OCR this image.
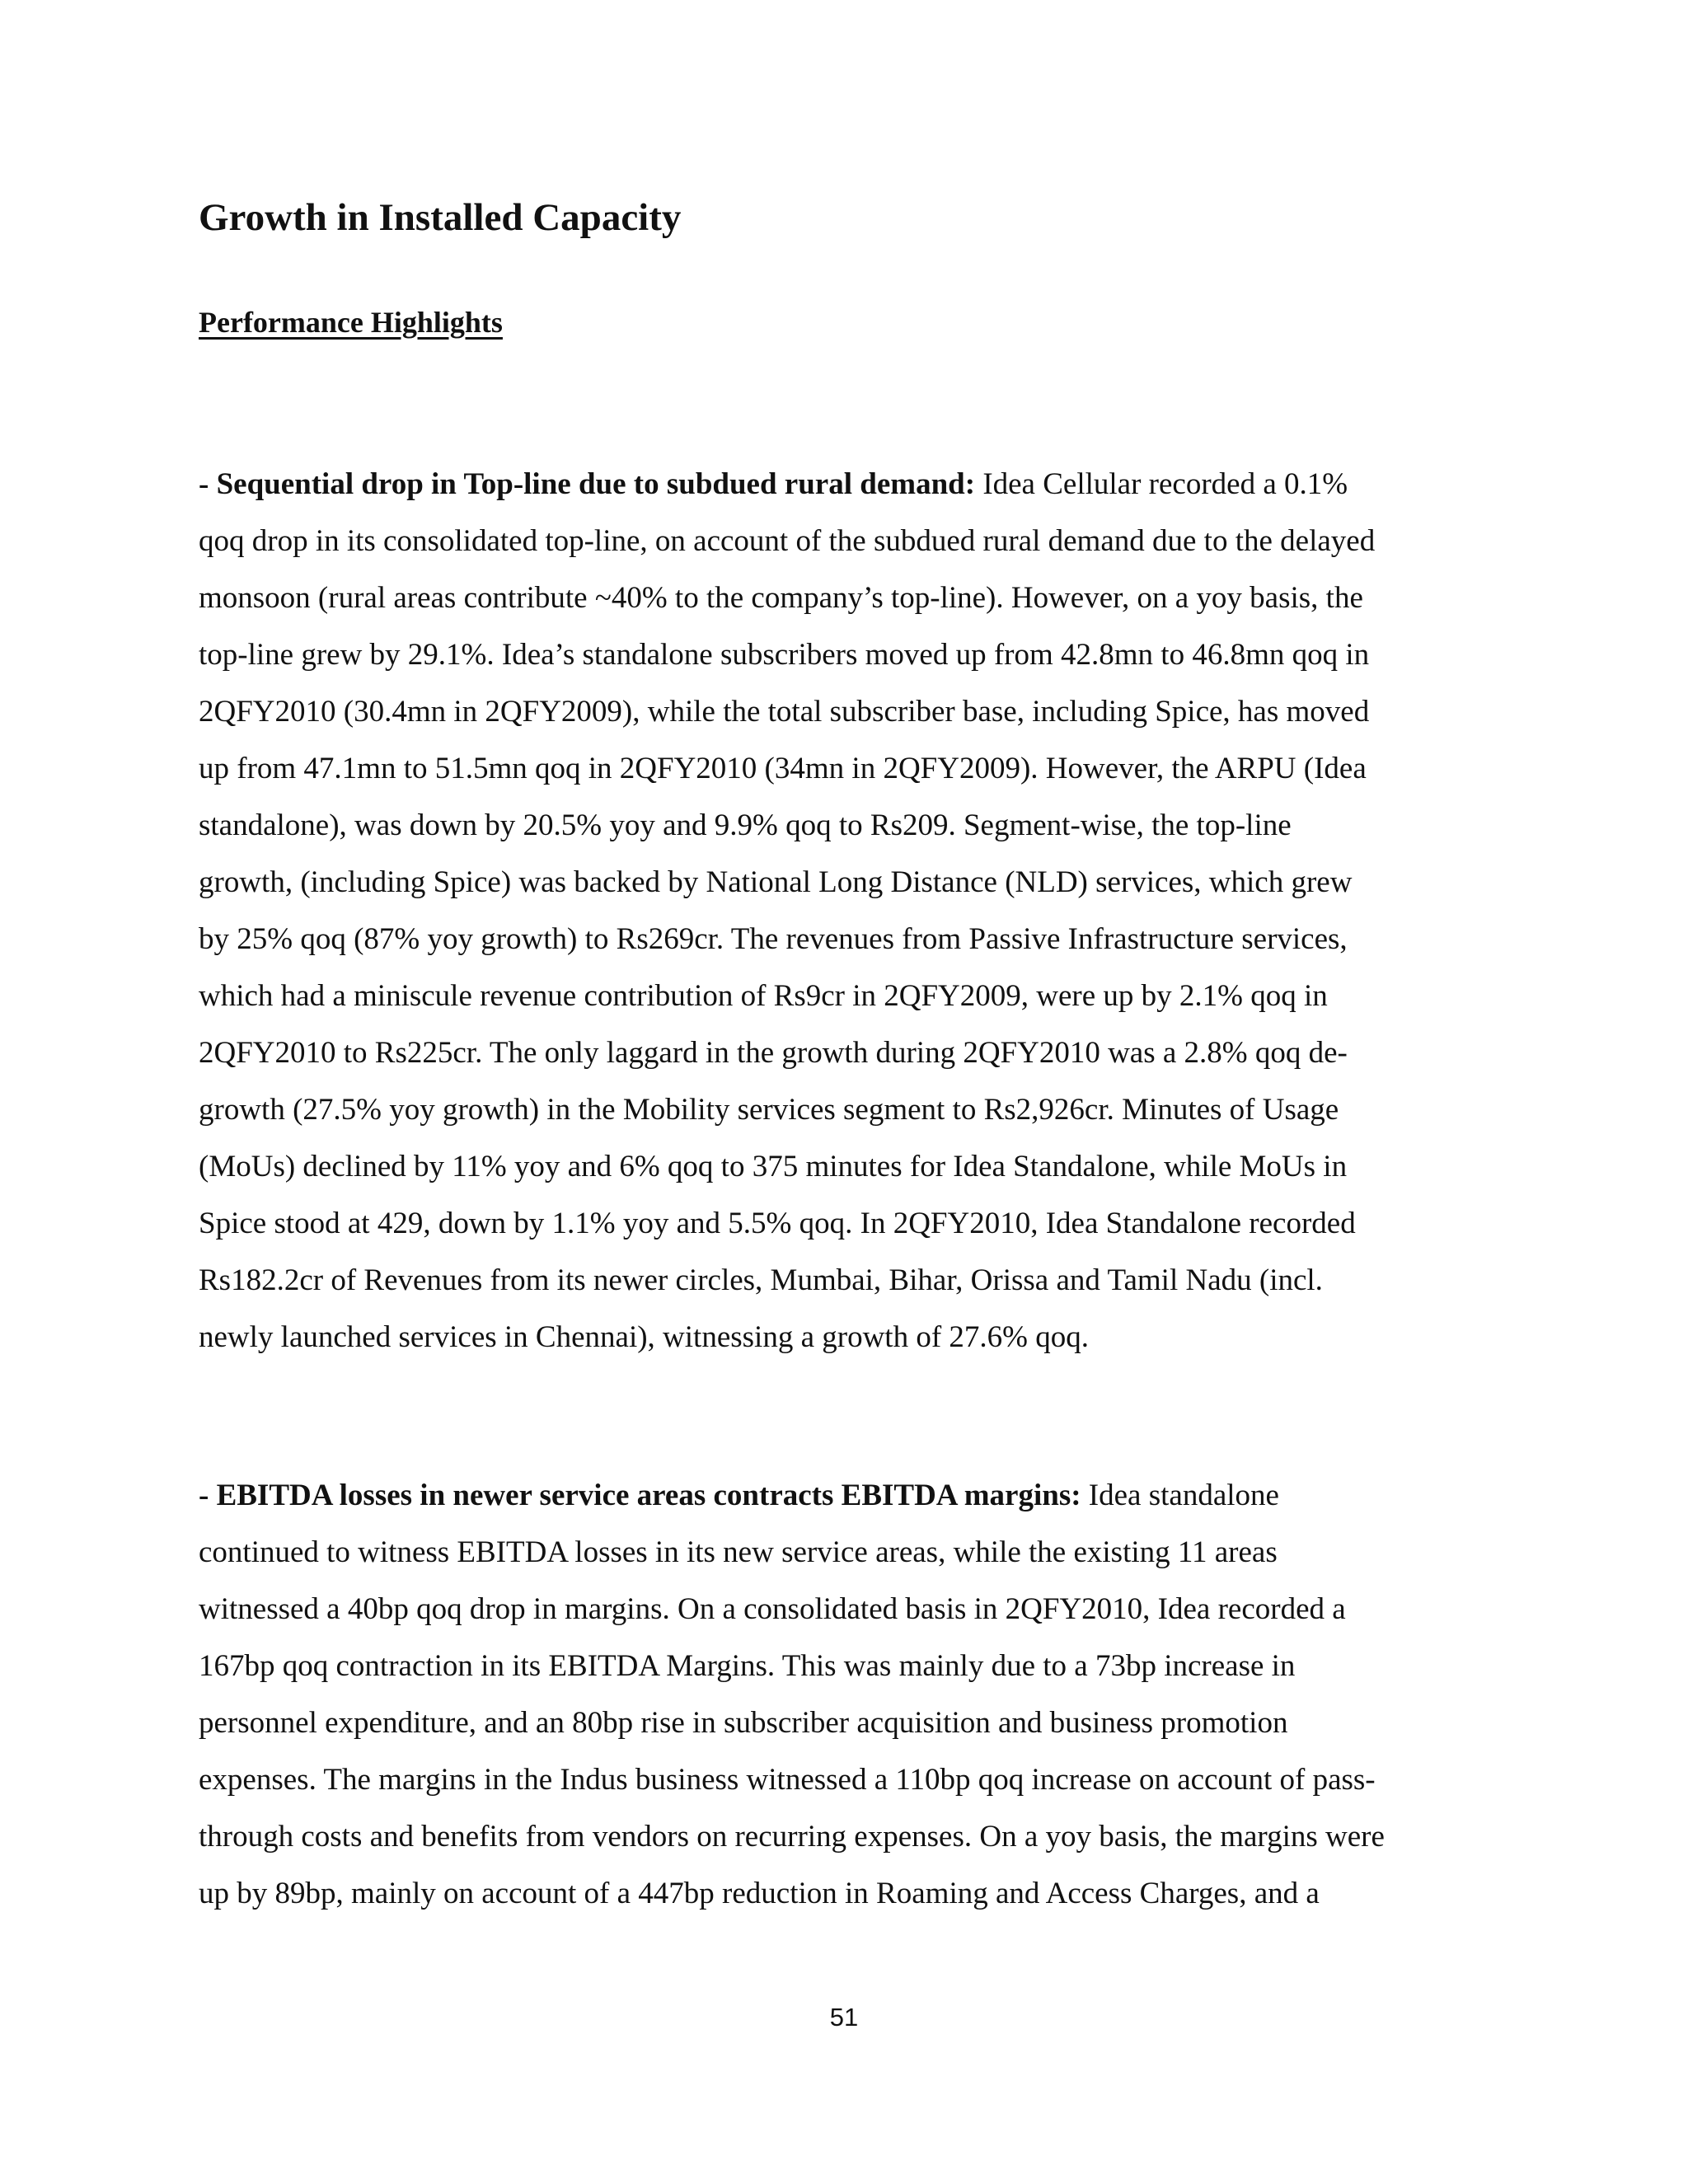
Growth in Installed Capacity
Performance Highlights
- Sequential drop in Top-line due to subdued rural demand: Idea Cellular recorded a 0.1%
qoq drop in its consolidated top-line, on account of the subdued rural demand due to the delayed
monsoon (rural areas contribute ~40% to the company’s top-line). However, on a yoy basis, the
top-line grew by 29.1%. Idea’s standalone subscribers moved up from 42.8mn to 46.8mn qoq in
2QFY2010 (30.4mn in 2QFY2009), while the total subscriber base, including Spice, has moved
up from 47.1mn to 51.5mn qoq in 2QFY2010 (34mn in 2QFY2009). However, the ARPU (Idea
standalone), was down by 20.5% yoy and 9.9% qoq to Rs209. Segment-wise, the top-line
growth, (including Spice) was backed by National Long Distance (NLD) services, which grew
by 25% qoq (87% yoy growth) to Rs269cr. The revenues from Passive Infrastructure services,
which had a miniscule revenue contribution of Rs9cr in 2QFY2009, were up by 2.1% qoq in
2QFY2010 to Rs225cr. The only laggard in the growth during 2QFY2010 was a 2.8% qoq de-
growth (27.5% yoy growth) in the Mobility services segment to Rs2,926cr. Minutes of Usage
(MoUs) declined by 11% yoy and 6% qoq to 375 minutes for Idea Standalone, while MoUs in
Spice stood at 429, down by 1.1% yoy and 5.5% qoq. In 2QFY2010, Idea Standalone recorded
Rs182.2cr of Revenues from its newer circles, Mumbai, Bihar, Orissa and Tamil Nadu (incl.
newly launched services in Chennai), witnessing a growth of 27.6% qoq.
- EBITDA losses in newer service areas contracts EBITDA margins: Idea standalone
continued to witness EBITDA losses in its new service areas, while the existing 11 areas
witnessed a 40bp qoq drop in margins. On a consolidated basis in 2QFY2010, Idea recorded a
167bp qoq contraction in its EBITDA Margins. This was mainly due to a 73bp increase in
personnel expenditure, and an 80bp rise in subscriber acquisition and business promotion
expenses. The margins in the Indus business witnessed a 110bp qoq increase on account of pass-
through costs and benefits from vendors on recurring expenses. On a yoy basis, the margins were
up by 89bp, mainly on account of a 447bp reduction in Roaming and Access Charges, and a
51
